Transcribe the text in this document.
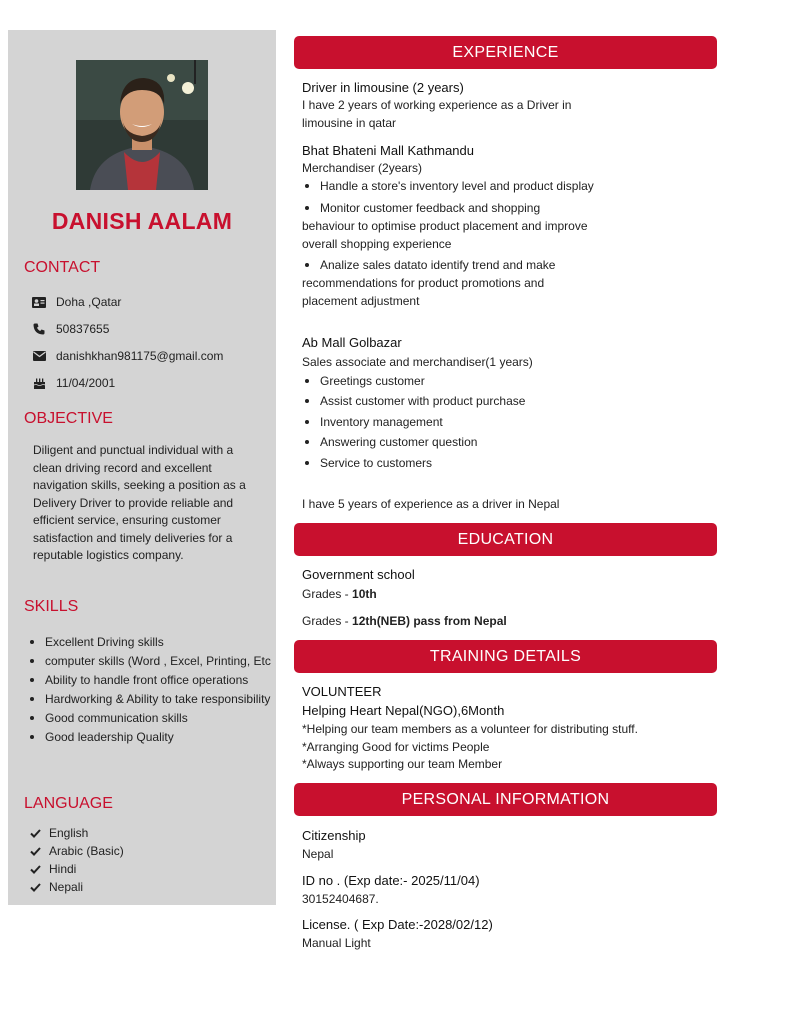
DANISH AALAM
CONTACT
Doha ,Qatar
50837655
danishkhan981175@gmail.com
11/04/2001
OBJECTIVE
Diligent and punctual individual with a clean driving record and excellent navigation skills, seeking a position as a Delivery Driver to provide reliable and efficient service, ensuring customer satisfaction and timely deliveries for a reputable logistics company.
SKILLS
Excellent Driving skills
computer skills (Word , Excel, Printing, Etc
Ability to handle front office operations
Hardworking & Ability to take responsibility
Good communication skills
Good leadership Quality
LANGUAGE
English
Arabic (Basic)
Hindi
Nepali
EXPERIENCE
Driver in limousine (2 years)
I have 2 years of working experience as a Driver in
limousine in qatar
Bhat Bhateni Mall Kathmandu
Merchandiser (2years)
Handle a store's inventory level and product display
Monitor customer feedback and shopping
behaviour to optimise product placement and improve
overall shopping experience
Analize sales datato identify trend and make
recommendations for product promotions and
placement adjustment
Ab Mall Golbazar
Sales associate and merchandiser(1 years)
Greetings customer
Assist customer with product purchase
Inventory management
Answering customer question
Service to customers
I have 5 years of experience as a driver in Nepal
EDUCATION
Government school
Grades - 10th
Grades - 12th(NEB) pass from Nepal
TRAINING DETAILS
VOLUNTEER
Helping Heart Nepal(NGO),6Month
*Helping our team members as a volunteer for distributing stuff.
*Arranging Good for victims People
*Always supporting our team Member
PERSONAL INFORMATION
Citizenship
Nepal
ID no . (Exp date:- 2025/11/04)
30152404687.
License. ( Exp Date:-2028/02/12)
Manual Light
